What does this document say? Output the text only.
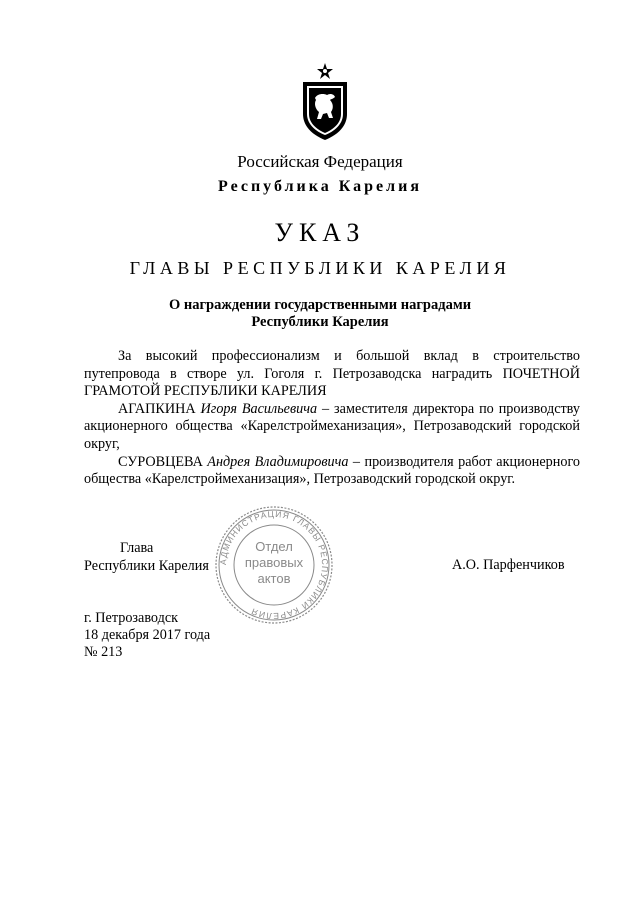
Российская Федерация
Республика Карелия
УКАЗ
ГЛАВЫ РЕСПУБЛИКИ КАРЕЛИЯ
О награждении государственными наградами
Республики Карелия

За высокий профессионализм и большой вклад в строительство путепровода в створе ул. Гоголя г. Петрозаводска наградить ПОЧЕТНОЙ ГРАМОТОЙ РЕСПУБЛИКИ КАРЕЛИЯ

АГАПКИНА Игоря Васильевича – заместителя директора по производству акционерного общества «Карелстроймеханизация», Петрозаводский городской округ,

СУРОВЦЕВА Андрея Владимировича – производителя работ акционерного общества «Карелстроймеханизация», Петрозаводский городской округ.

АДМИНИСТРАЦИЯ ГЛАВЫ РЕСПУБЛИКИ КАРЕЛИЯ
Отдел
правовых
актов
Глава
Республики Карелия	А.О. Парфенчиков
г. Петрозаводск
18 декабря 2017 года
№ 213
